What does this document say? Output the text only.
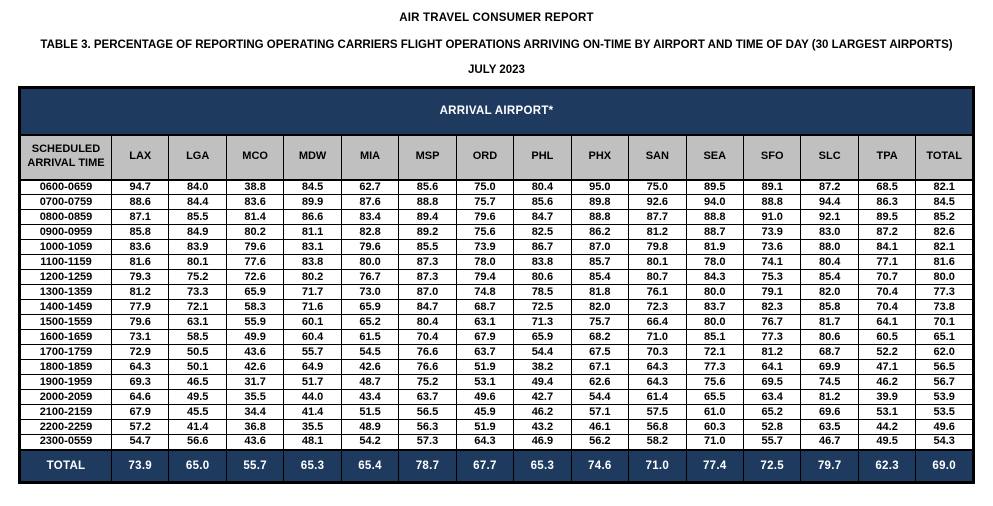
AIR TRAVEL CONSUMER REPORT
TABLE 3. PERCENTAGE OF REPORTING OPERATING CARRIERS FLIGHT OPERATIONS ARRIVING ON-TIME BY AIRPORT AND TIME OF DAY (30 LARGEST AIRPORTS)
JULY 2023
ARRIVAL AIRPORT*															
SCHEDULED ARRIVAL TIME	LAX	LGA	MCO	MDW	MIA	MSP	ORD	PHL	PHX	SAN	SEA	SFO	SLC	TPA	TOTAL
0600-0659	94.7	84.0	38.8	84.5	62.7	85.6	75.0	80.4	95.0	75.0	89.5	89.1	87.2	68.5	82.1
0700-0759	88.6	84.4	83.6	89.9	87.6	88.8	75.7	85.6	89.8	92.6	94.0	88.8	94.4	86.3	84.5
0800-0859	87.1	85.5	81.4	86.6	83.4	89.4	79.6	84.7	88.8	87.7	88.8	91.0	92.1	89.5	85.2
0900-0959	85.8	84.9	80.2	81.1	82.8	89.2	75.6	82.5	86.2	81.2	88.7	73.9	83.0	87.2	82.6
1000-1059	83.6	83.9	79.6	83.1	79.6	85.5	73.9	86.7	87.0	79.8	81.9	73.6	88.0	84.1	82.1
1100-1159	81.6	80.1	77.6	83.8	80.0	87.3	78.0	83.8	85.7	80.1	78.0	74.1	80.4	77.1	81.6
1200-1259	79.3	75.2	72.6	80.2	76.7	87.3	79.4	80.6	85.4	80.7	84.3	75.3	85.4	70.7	80.0
1300-1359	81.2	73.3	65.9	71.7	73.0	87.0	74.8	78.5	81.8	76.1	80.0	79.1	82.0	70.4	77.3
1400-1459	77.9	72.1	58.3	71.6	65.9	84.7	68.7	72.5	82.0	72.3	83.7	82.3	85.8	70.4	73.8
1500-1559	79.6	63.1	55.9	60.1	65.2	80.4	63.1	71.3	75.7	66.4	80.0	76.7	81.7	64.1	70.1
1600-1659	73.1	58.5	49.9	60.4	61.5	70.4	67.9	65.9	68.2	71.0	85.1	77.3	80.6	60.5	65.1
1700-1759	72.9	50.5	43.6	55.7	54.5	76.6	63.7	54.4	67.5	70.3	72.1	81.2	68.7	52.2	62.0
1800-1859	64.3	50.1	42.6	64.9	42.6	76.6	51.9	38.2	67.1	64.3	77.3	64.1	69.9	47.1	56.5
1900-1959	69.3	46.5	31.7	51.7	48.7	75.2	53.1	49.4	62.6	64.3	75.6	69.5	74.5	46.2	56.7
2000-2059	64.6	49.5	35.5	44.0	43.4	63.7	49.6	42.7	54.4	61.4	65.5	63.4	81.2	39.9	53.9
2100-2159	67.9	45.5	34.4	41.4	51.5	56.5	45.9	46.2	57.1	57.5	61.0	65.2	69.6	53.1	53.5
2200-2259	57.2	41.4	36.8	35.5	48.9	56.3	51.9	43.2	46.1	56.8	60.3	52.8	63.5	44.2	49.6
2300-0559	54.7	56.6	43.6	48.1	54.2	57.3	64.3	46.9	56.2	58.2	71.0	55.7	46.7	49.5	54.3
TOTAL	73.9	65.0	55.7	65.3	65.4	78.7	67.7	65.3	74.6	71.0	77.4	72.5	79.7	62.3	69.0
